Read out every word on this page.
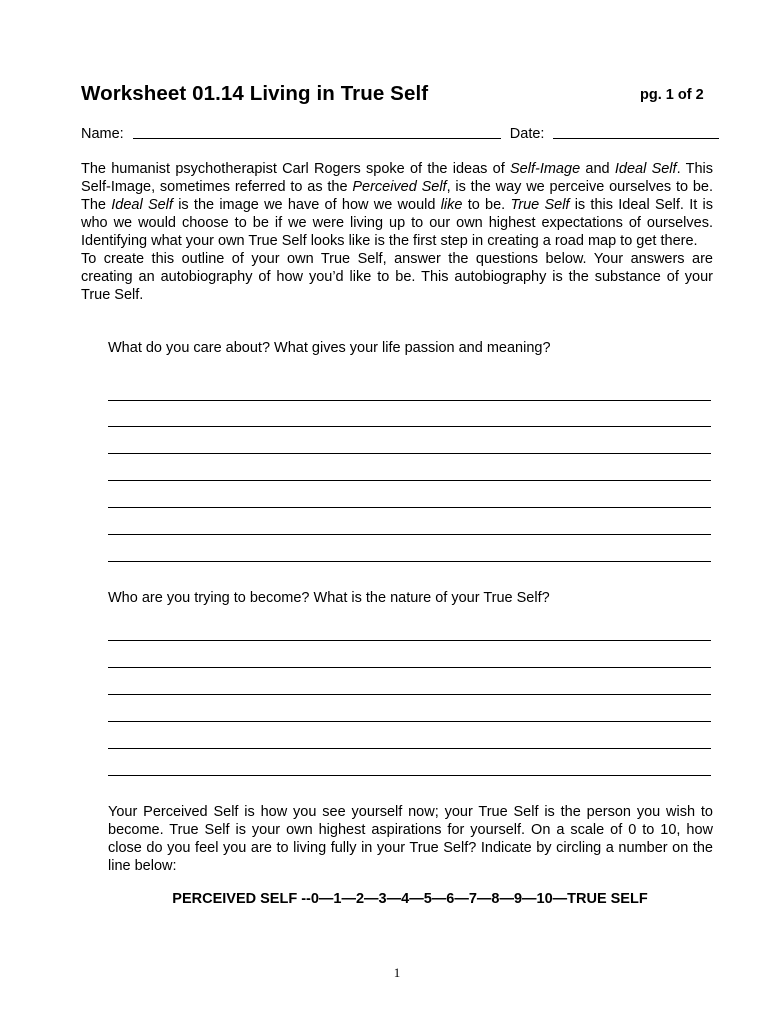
Worksheet 01.14 Living in True Self	pg. 1 of 2
Name:	Date:

The humanist psychotherapist Carl Rogers spoke of the ideas of Self-Image and Ideal Self. This Self-Image, sometimes referred to as the Perceived Self, is the way we perceive ourselves to be. The Ideal Self is the image we have of how we would like to be. True Self is this Ideal Self. It is who we would choose to be if we were living up to our own highest expectations of ourselves. Identifying what your own True Self looks like is the first step in creating a road map to get there.

To create this outline of your own True Self, answer the questions below. Your answers are creating an autobiography of how you’d like to be. This autobiography is the substance of your True Self.

What do you care about? What gives your life passion and meaning?
Who are you trying to become? What is the nature of your True Self?
Your Perceived Self is how you see yourself now; your True Self is the person you wish to become. True Self is your own highest aspirations for yourself. On a scale of 0 to 10, how close do you feel you are to living fully in your True Self? Indicate by circling a number on the line below:
PERCEIVED SELF --0—1—2—3—4—5—6—7—8—9—10—TRUE SELF
1
